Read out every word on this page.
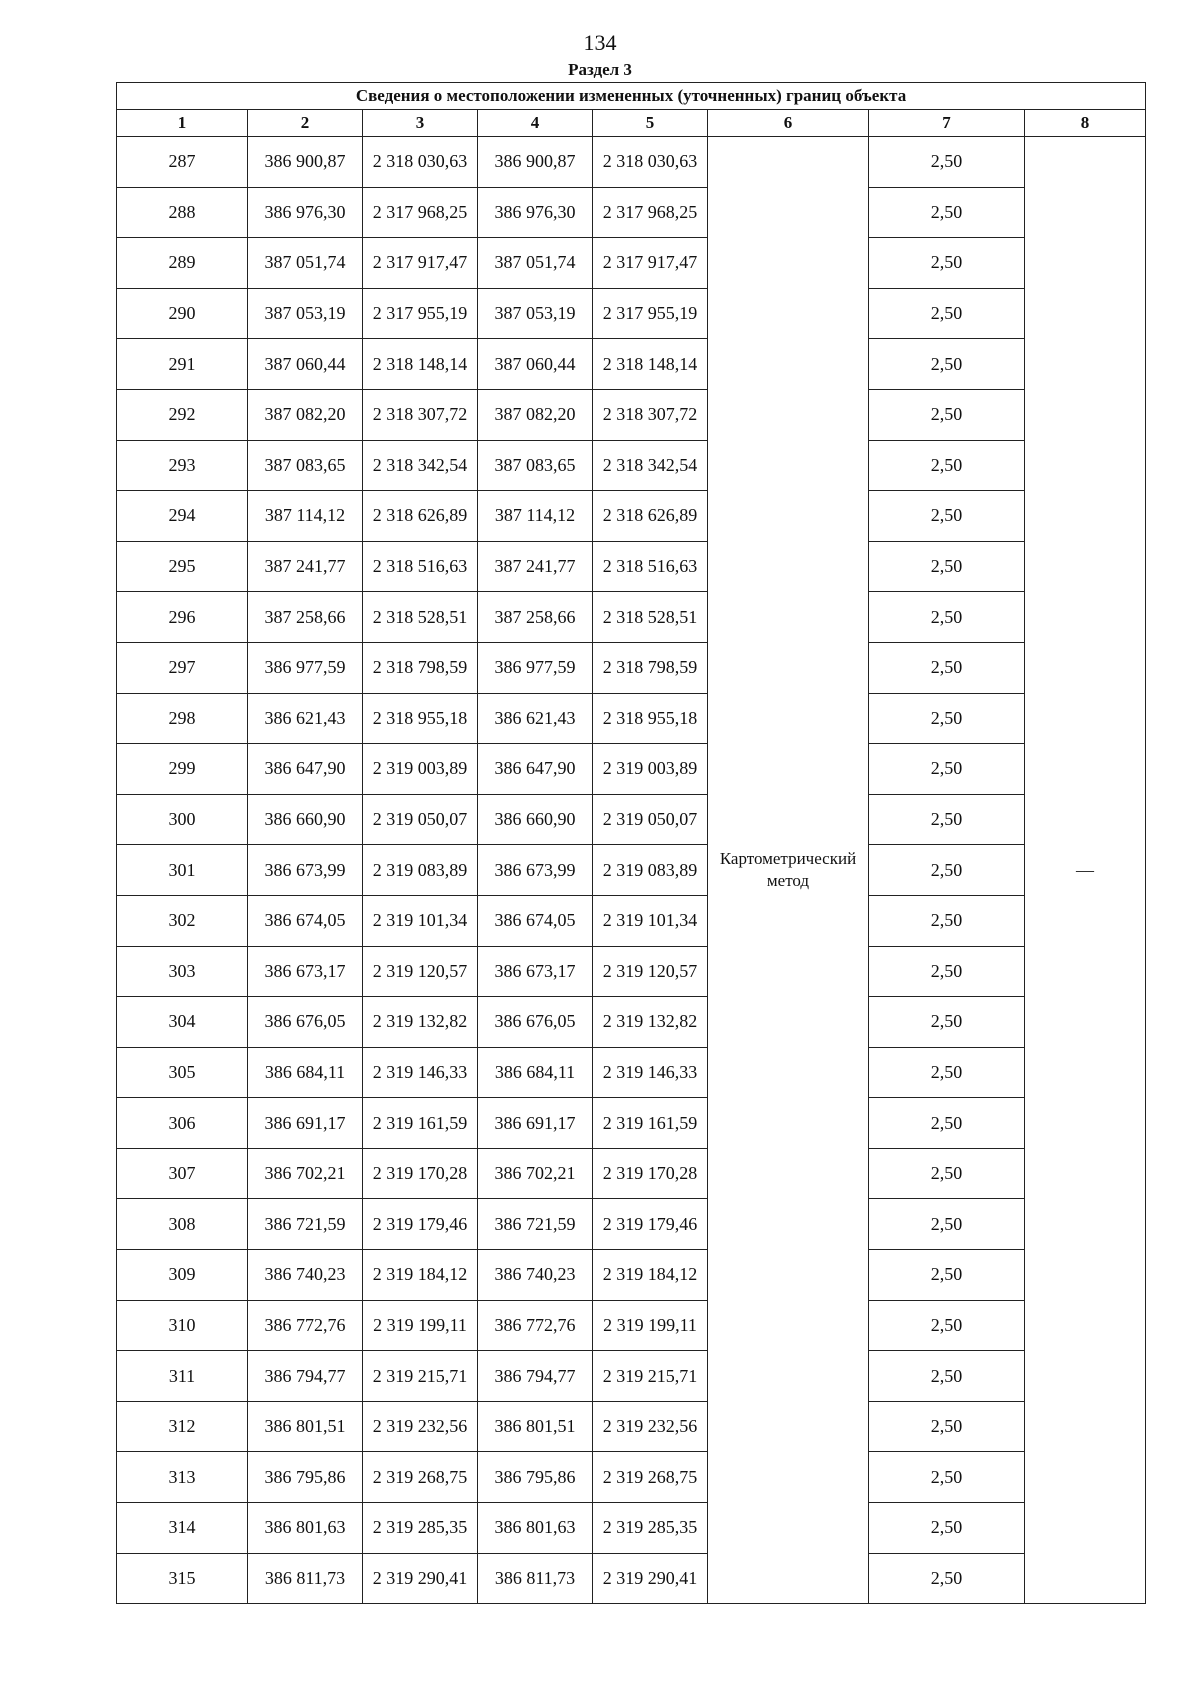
134
Раздел 3
Сведения о местоположении измененных (уточненных) границ объекта							
1	2	3	4	5	6	7	8
287	386 900,87	2 318 030,63	386 900,87	2 318 030,63	Картометрический метод	2,50	—
288	386 976,30	2 317 968,25	386 976,30	2 317 968,25		2,50	
289	387 051,74	2 317 917,47	387 051,74	2 317 917,47		2,50	
290	387 053,19	2 317 955,19	387 053,19	2 317 955,19		2,50	
291	387 060,44	2 318 148,14	387 060,44	2 318 148,14		2,50	
292	387 082,20	2 318 307,72	387 082,20	2 318 307,72		2,50	
293	387 083,65	2 318 342,54	387 083,65	2 318 342,54		2,50	
294	387 114,12	2 318 626,89	387 114,12	2 318 626,89		2,50	
295	387 241,77	2 318 516,63	387 241,77	2 318 516,63		2,50	
296	387 258,66	2 318 528,51	387 258,66	2 318 528,51		2,50	
297	386 977,59	2 318 798,59	386 977,59	2 318 798,59		2,50	
298	386 621,43	2 318 955,18	386 621,43	2 318 955,18		2,50	
299	386 647,90	2 319 003,89	386 647,90	2 319 003,89		2,50	
300	386 660,90	2 319 050,07	386 660,90	2 319 050,07		2,50	
301	386 673,99	2 319 083,89	386 673,99	2 319 083,89		2,50	
302	386 674,05	2 319 101,34	386 674,05	2 319 101,34		2,50	
303	386 673,17	2 319 120,57	386 673,17	2 319 120,57		2,50	
304	386 676,05	2 319 132,82	386 676,05	2 319 132,82		2,50	
305	386 684,11	2 319 146,33	386 684,11	2 319 146,33		2,50	
306	386 691,17	2 319 161,59	386 691,17	2 319 161,59		2,50	
307	386 702,21	2 319 170,28	386 702,21	2 319 170,28		2,50	
308	386 721,59	2 319 179,46	386 721,59	2 319 179,46		2,50	
309	386 740,23	2 319 184,12	386 740,23	2 319 184,12		2,50	
310	386 772,76	2 319 199,11	386 772,76	2 319 199,11		2,50	
311	386 794,77	2 319 215,71	386 794,77	2 319 215,71		2,50	
312	386 801,51	2 319 232,56	386 801,51	2 319 232,56		2,50	
313	386 795,86	2 319 268,75	386 795,86	2 319 268,75		2,50	
314	386 801,63	2 319 285,35	386 801,63	2 319 285,35		2,50	
315	386 811,73	2 319 290,41	386 811,73	2 319 290,41		2,50	
